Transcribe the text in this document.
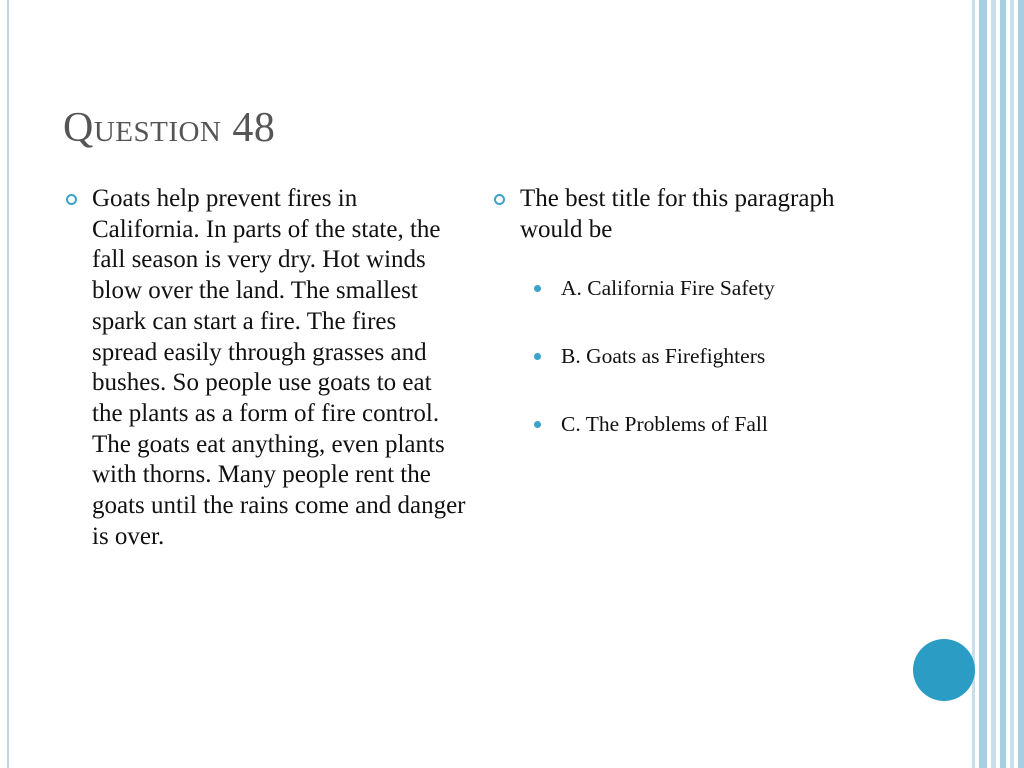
Question 48
Goats help prevent fires in California. In parts of the state, the fall season is very dry. Hot winds blow over the land. The smallest spark can start a fire. The fires spread easily through grasses and bushes. So people use goats to eat the plants as a form of fire control. The goats eat anything, even plants with thorns. Many people rent the goats until the rains come and danger is over.
The best title for this paragraph would be
A. California Fire Safety
B. Goats as Firefighters
C. The Problems of Fall
